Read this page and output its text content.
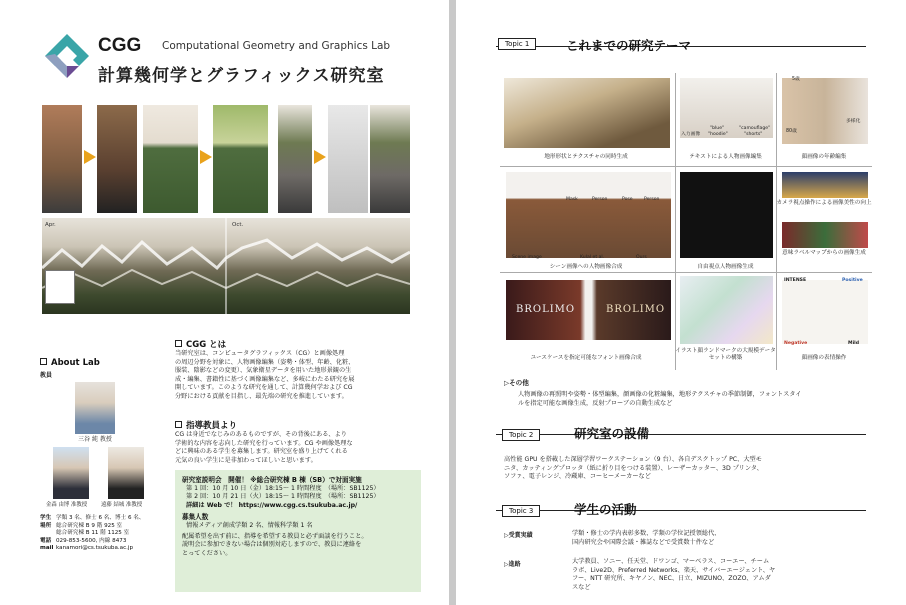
CGG Computational Geometry and Graphics Lab
計算幾何学とグラフィックス研究室
Apr.	Oct.
About Lab
教員
三谷 純 教授
金森 由博 准教授	遠藤 結城 准教授
学生 学類 3 名、修士 6 名、博士 6 名、
場所 総合研究棟 B 9 階 925 室
総合研究棟 B 11 階 1125 室
電話 029-853-5600, 内線 8473
mail kanamori@cs.tsukuba.ac.jp
CGG とは
当研究室は、コンピュータグラフィックス（CG）と画像処理
の周辺分野を対象に、人物画像編集（姿勢・体型、年齢、化粧、
服装、陰影などの変更）、気象衛星データを用いた地形景観の生
成・編集、書籍性に基づく画像編集など、多岐にわたる研究を展
開しています。このような研究を通して、計算幾何学および CG
分野における貢献を目指し、最先端の研究を推進しています。
指導教員より
CG は身近でなじみのあるものですが、その背後にある、より
学術的な内容を志向した研究を行っています。CG や画像処理な
どに興味のある学生を募集します。研究室を盛り上げてくれる
元気の良い学生に是非加わってほしいと思います。
研究室説明会　開催！ ※総合研究棟 B 棟（SB）で対面実施
第 1 回：10 月 10 日（金）18:15～ 1 時間程度　（場所：SB1125）
第 2 回：10 月 21 日（火）18:15～ 1 時間程度　（場所：SB1125）
詳細は Web で！ https://www.cgg.cs.tsukuba.ac.jp/
募集人数
情報メディア創成学類 2 名、情報科学類 1 名
配属希望を出す前に、指導を希望する教員と必ず面談を行うこと。
説明会に参加できない場合は個別対応しますので、教員に連絡を
とってください。
Topic 1	これまでの研究テーマ
地形形状とテクスチャの同時生成
入力画像
"blue"
"hoodie"
"camouflage"
"shorts"
テキストによる人物画像編集
5歳
80歳
多様化
顔画像の年齢編集
Mask	Person	Pose Person
Scene image	Kulal et al.	Ours
シーン画像への人物画像合成	自由視点人物画像生成
カメラ視点操作による画像美性の向上
意味ラベルマップからの画像生成
BROLIMO	BROLIMO
ユースケースを指定可能なフォント画像合成
イラスト顔ランドマークの大規模データセットの構築
INTENSE	Positive
Negative	Mild
顔画像の表情操作
▷その他
人物画像の再照明や姿勢・体型編集，顔画像の化粧編集，地形テクスチャの季節制御，フォントスタイ
ルを指定可能な画像生成，反射プローブの自動生成など
Topic 2	研究室の設備
高性能 GPU を搭載した深層学習ワークステーション（9 台）、各自デスクトップ PC、大型モ
ニタ、カッティングプロッタ（紙に折り目をつける装置）、レーザーカッター、3D プリンタ、
ソファ、電子レンジ、冷蔵庫、コーヒーメーカーなど
Topic 3	学生の活動
▷受賞実績	学類・修士の学内表彰多数、学類の学位記授領総代、
国内研究会や国際会議・雑誌などで受賞数十件など
▷進路	大学教員、ソニー、任天堂、ドワンゴ、マーベラス、コーエー、チーム
ラボ、Live2D、Preferred Networks、楽天、サイバーエージェント、ヤ
フー、NTT 研究所、キヤノン、NEC、日立、MIZUNO、ZOZO、アムダ
スなど
